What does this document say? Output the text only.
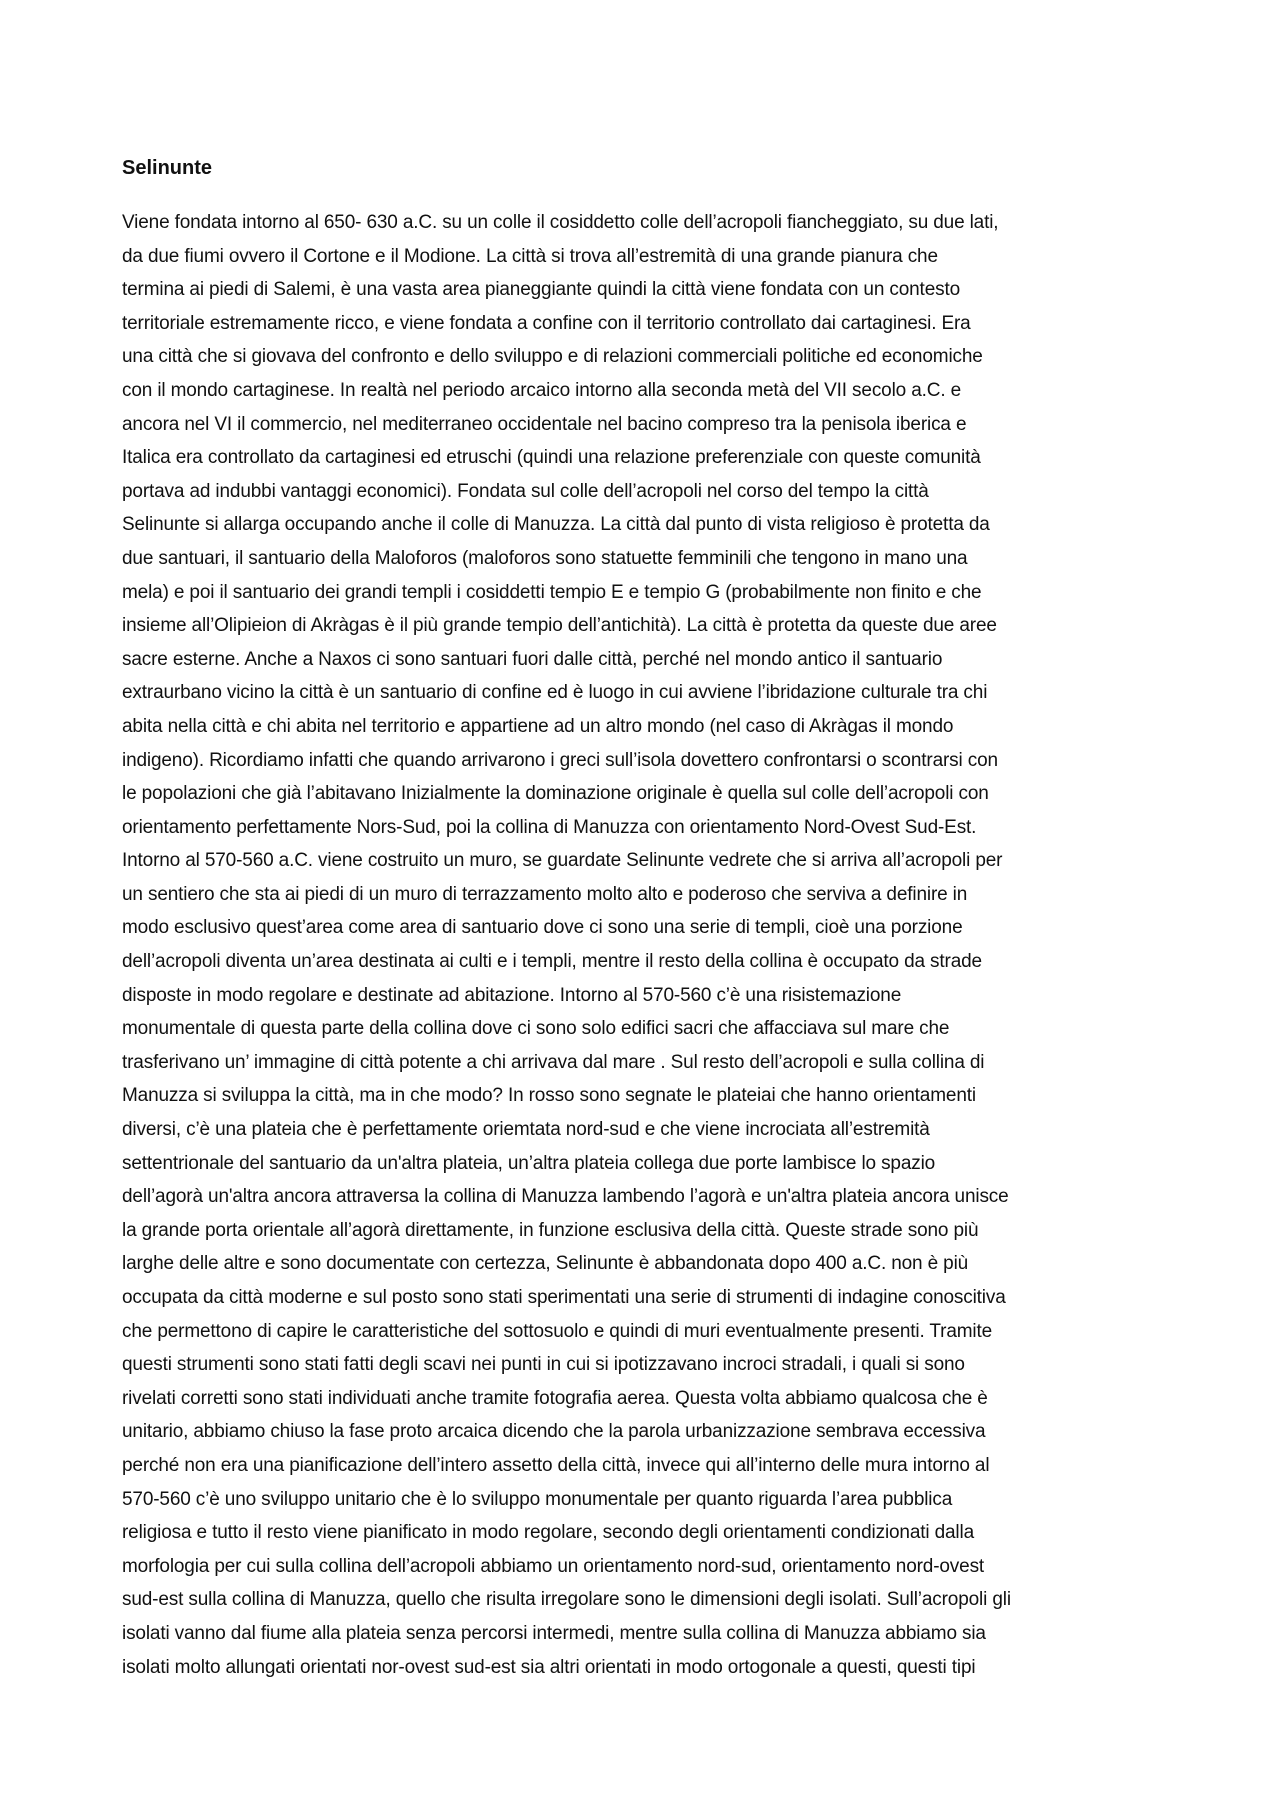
Selinunte
Viene fondata intorno al 650- 630 a.C. su un colle il cosiddetto colle dell’acropoli fiancheggiato, su due lati,
da due fiumi ovvero il Cortone e il Modione. La città si trova all’estremità di una grande pianura che
termina ai piedi di Salemi, è una vasta area pianeggiante quindi la città viene fondata con un contesto
territoriale estremamente ricco, e viene fondata a confine con il territorio controllato dai cartaginesi. Era
una città che si giovava del confronto e dello sviluppo e di relazioni commerciali politiche ed economiche
con il mondo cartaginese. In realtà nel periodo arcaico intorno alla seconda metà del VII secolo a.C. e
ancora nel VI il commercio, nel mediterraneo occidentale nel bacino compreso tra la penisola iberica e
Italica era controllato da cartaginesi ed etruschi (quindi una relazione preferenziale con queste comunità
portava ad indubbi vantaggi economici). Fondata sul colle dell’acropoli nel corso del tempo la città
Selinunte si allarga occupando anche il colle di Manuzza. La città dal punto di vista religioso è protetta da
due santuari, il santuario della Maloforos (maloforos sono statuette femminili che tengono in mano una
mela) e poi il santuario dei grandi templi i cosiddetti tempio E e tempio G (probabilmente non finito e che
insieme all’Olipieion di Akràgas è il più grande tempio dell’antichità). La città è protetta da queste due aree
sacre esterne. Anche a Naxos ci sono santuari fuori dalle città, perché nel mondo antico il santuario
extraurbano vicino la città è un santuario di confine ed è luogo in cui avviene l’ibridazione culturale tra chi
abita nella città e chi abita nel territorio e appartiene ad un altro mondo (nel caso di Akràgas il mondo
indigeno). Ricordiamo infatti che quando arrivarono i greci sull’isola dovettero confrontarsi o scontrarsi con
le popolazioni che già l’abitavano Inizialmente la dominazione originale è quella sul colle dell’acropoli con
orientamento perfettamente Nors-Sud, poi la collina di Manuzza con orientamento Nord-Ovest Sud-Est.
Intorno al 570-560 a.C. viene costruito un muro, se guardate Selinunte vedrete che si arriva all’acropoli per
un sentiero che sta ai piedi di un muro di terrazzamento molto alto e poderoso che serviva a definire in
modo esclusivo quest’area come area di santuario dove ci sono una serie di templi, cioè una porzione
dell’acropoli diventa un’area destinata ai culti e i templi, mentre il resto della collina è occupato da strade
disposte in modo regolare e destinate ad abitazione. Intorno al 570-560 c’è una risistemazione
monumentale di questa parte della collina dove ci sono solo edifici sacri che affacciava sul mare che
trasferivano un’ immagine di città potente a chi arrivava dal mare . Sul resto dell’acropoli e sulla collina di
Manuzza si sviluppa la città, ma in che modo? In rosso sono segnate le plateiai che hanno orientamenti
diversi, c’è una plateia che è perfettamente oriemtata nord-sud e che viene incrociata all’estremità
settentrionale del santuario da un'altra plateia, un’altra plateia collega due porte lambisce lo spazio
dell’agorà un'altra ancora attraversa la collina di Manuzza lambendo l’agorà e un'altra plateia ancora unisce
la grande porta orientale all’agorà direttamente, in funzione esclusiva della città. Queste strade sono più
larghe delle altre e sono documentate con certezza, Selinunte è abbandonata dopo 400 a.C. non è più
occupata da città moderne e sul posto sono stati sperimentati una serie di strumenti di indagine conoscitiva
che permettono di capire le caratteristiche del sottosuolo e quindi di muri eventualmente presenti. Tramite
questi strumenti sono stati fatti degli scavi nei punti in cui si ipotizzavano incroci stradali, i quali si sono
rivelati corretti sono stati individuati anche tramite fotografia aerea. Questa volta abbiamo qualcosa che è
unitario, abbiamo chiuso la fase proto arcaica dicendo che la parola urbanizzazione sembrava eccessiva
perché non era una pianificazione dell’intero assetto della città, invece qui all’interno delle mura intorno al
570-560 c’è uno sviluppo unitario che è lo sviluppo monumentale per quanto riguarda l’area pubblica
religiosa e tutto il resto viene pianificato in modo regolare, secondo degli orientamenti condizionati dalla
morfologia per cui sulla collina dell’acropoli abbiamo un orientamento nord-sud, orientamento nord-ovest
sud-est sulla collina di Manuzza, quello che risulta irregolare sono le dimensioni degli isolati. Sull’acropoli gli
isolati vanno dal fiume alla plateia senza percorsi intermedi, mentre sulla collina di Manuzza abbiamo sia
isolati molto allungati orientati nor-ovest sud-est sia altri orientati in modo ortogonale a questi, questi tipi
